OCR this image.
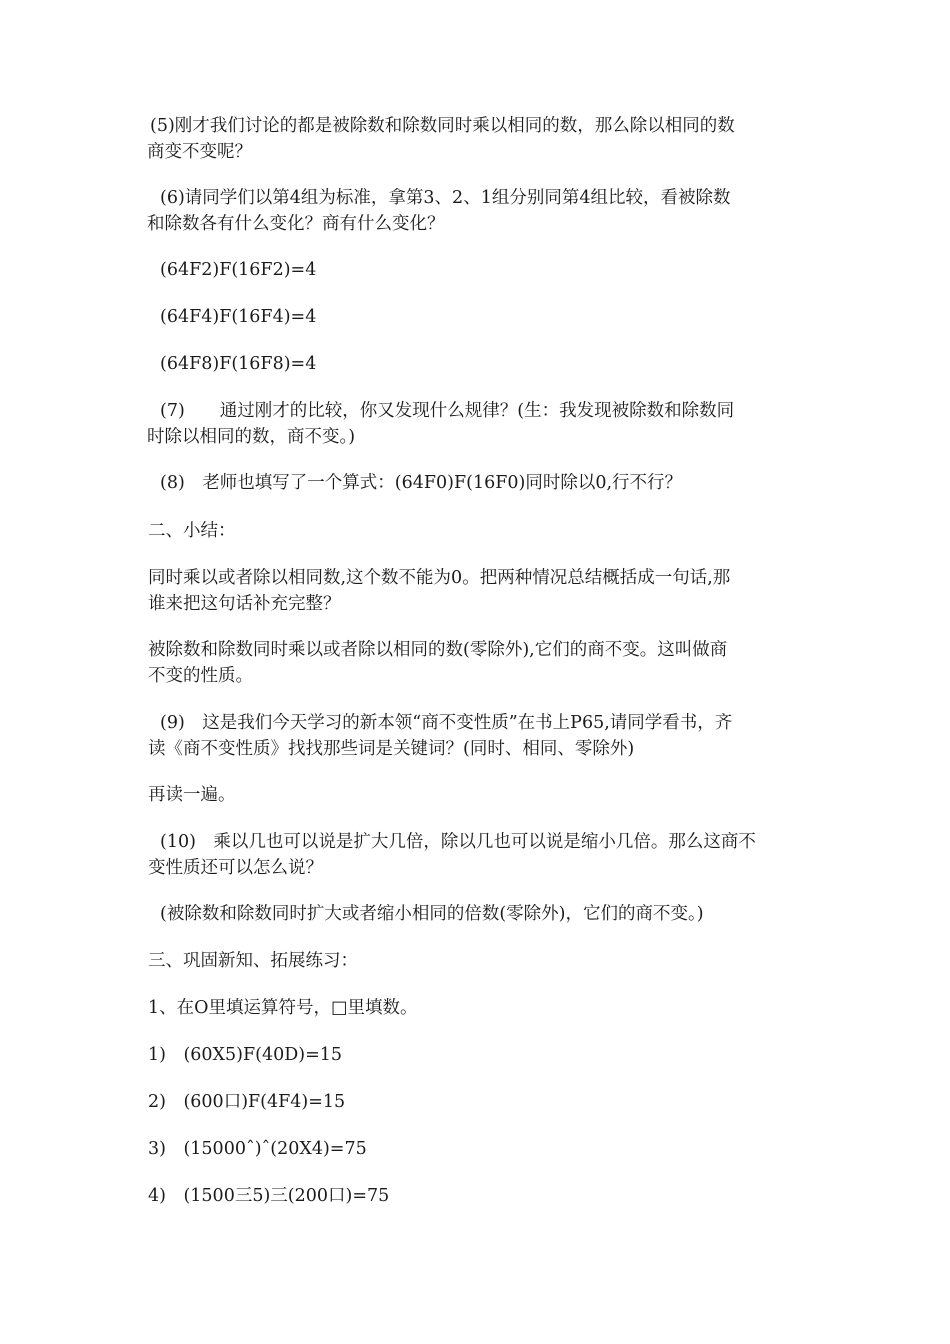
(5)刚才我们讨论的都是被除数和除数同时乘以相同的数，那么除以相同的数
商变不变呢？

(6)请同学们以第4组为标准，拿第3、2、1组分别同第4组比较，看被除数
和除数各有什么变化？商有什么变化？

(64F2)F(16F2)=4

(64F4)F(16F4)=4

(64F8)F(16F8)=4

(7)　　通过刚才的比较，你又发现什么规律？(生：我发现被除数和除数同
时除以相同的数，商不变。)

(8)　老师也填写了一个算式：(64F0)F(16F0)同时除以0,行不行？

二、小结：

同时乘以或者除以相同数,这个数不能为0。把两种情况总结概括成一句话,那
谁来把这句话补充完整？

被除数和除数同时乘以或者除以相同的数(零除外),它们的商不变。这叫做商
不变的性质。

(9)　这是我们今天学习的新本领“商不变性质”在书上P65,请同学看书，齐
读《商不变性质》找找那些词是关键词？(同时、相同、零除外)

再读一遍。

(10)　乘以几也可以说是扩大几倍，除以几也可以说是缩小几倍。那么这商不
变性质还可以怎么说？

(被除数和除数同时扩大或者缩小相同的倍数(零除外)，它们的商不变。)

三、巩固新知、拓展练习：

1、在O里填运算符号，□里填数。

1)　(60X5)F(40D)=15

2)　(600口)F(4F4)=15

3)　(15000ˆ)ˆ(20X4)=75

4)　(1500三5)三(200口)=75
